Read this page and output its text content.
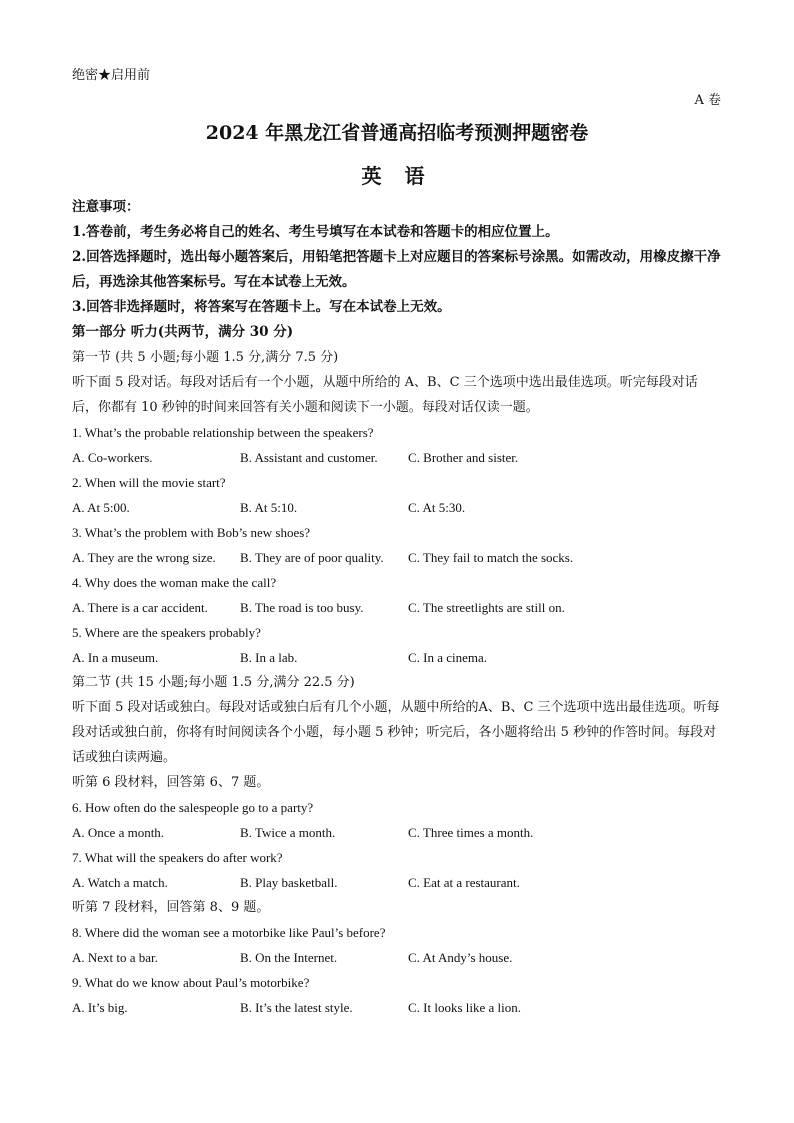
绝密★启用前
A 卷
2024 年黑龙江省普通高招临考预测押题密卷
英 语
注意事项：
1.答卷前，考生务必将自己的姓名、考生号填写在本试卷和答题卡的相应位置上。
2.回答选择题时，选出每小题答案后，用铅笔把答题卡上对应题目的答案标号涂黑。如需改动，用橡皮擦干净后，再选涂其他答案标号。写在本试卷上无效。
3.回答非选择题时，将答案写在答题卡上。写在本试卷上无效。
第一部分 听力(共两节，满分 30 分)
第一节 (共 5 小题;每小题 1.5 分,满分 7.5 分)
听下面 5 段对话。每段对话后有一个小题，从题中所给的 A、B、C 三个选项中选出最佳选项。听完每段对话后，你都有 10 秒钟的时间来回答有关小题和阅读下一小题。每段对话仅读一题。
1. What’s the probable relationship between the speakers?
A. Co-workers.	B. Assistant and customer.	C. Brother and sister.
2. When will the movie start?
A. At 5:00.	B. At 5:10.	C. At 5:30.
3. What’s the problem with Bob’s new shoes?
A. They are the wrong size.	B. They are of poor quality.	C. They fail to match the socks.
4. Why does the woman make the call?
A. There is a car accident.	B. The road is too busy.	C. The streetlights are still on.
5. Where are the speakers probably?
A. In a museum.	B. In a lab.	C. In a cinema.
第二节 (共 15 小题;每小题 1.5 分,满分 22.5 分)
听下面 5 段对话或独白。每段对话或独白后有几个小题，从题中所给的A、B、C 三个选项中选出最佳选项。听每段对话或独白前，你将有时间阅读各个小题，每小题 5 秒钟；听完后，各小题将给出 5 秒钟的作答时间。每段对话或独白读两遍。
听第 6 段材料，回答第 6、7 题。
6. How often do the salespeople go to a party?
A. Once a month.	B. Twice a month.	C. Three times a month.
7. What will the speakers do after work?
A. Watch a match.	B. Play basketball.	C. Eat at a restaurant.
听第 7 段材料，回答第 8、9 题。
8. Where did the woman see a motorbike like Paul’s before?
A. Next to a bar.	B. On the Internet.	C. At Andy’s house.
9. What do we know about Paul’s motorbike?
A. It’s big.	B. It’s the latest style.	C. It looks like a lion.
